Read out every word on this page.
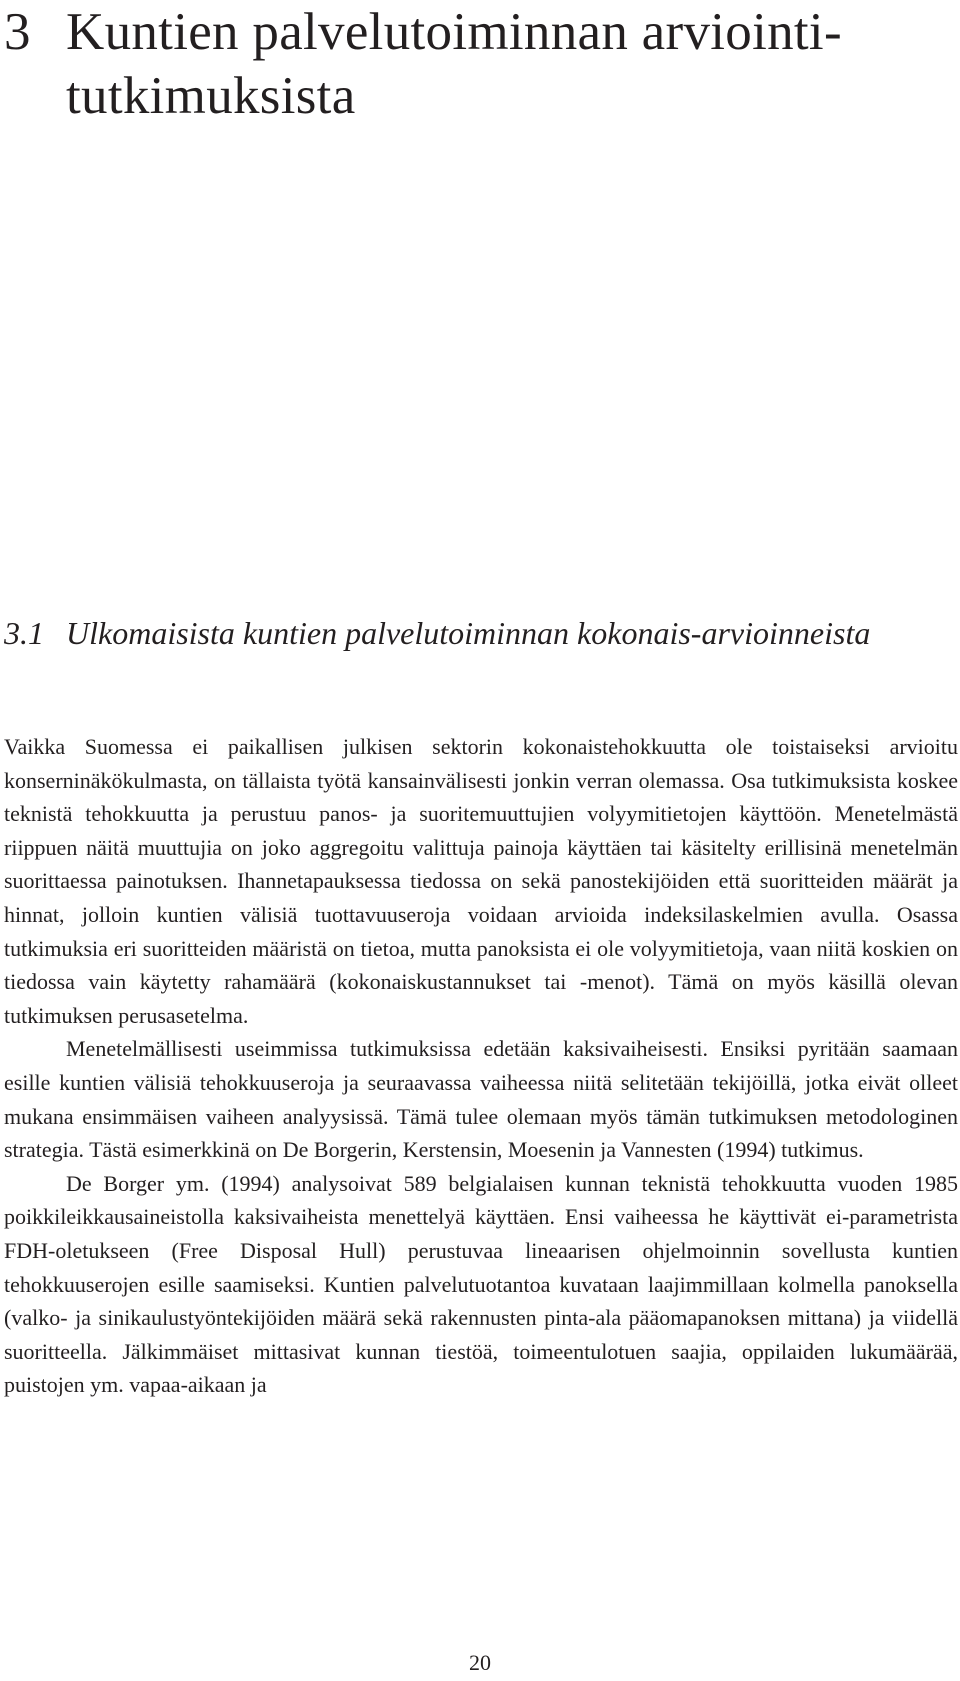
3 Kuntien palvelutoiminnan arviointi-tutkimuksista
3.1 Ulkomaisista kuntien palvelutoiminnan kokonais-arvioinneista

Vaikka Suomessa ei paikallisen julkisen sektorin kokonaistehokkuutta ole toistaiseksi arvioitu konserninäkökulmasta, on tällaista työtä kansainvälisesti jonkin verran olemassa. Osa tutkimuksista koskee teknistä tehokkuutta ja perustuu panos- ja suoritemuuttujien volyymitietojen käyttöön. Menetelmästä riippuen näitä muuttujia on joko aggregoitu valittuja painoja käyttäen tai käsitelty erillisinä menetelmän suorittaessa painotuksen. Ihannetapauksessa tiedossa on sekä panostekijöiden että suoritteiden määrät ja hinnat, jolloin kuntien välisiä tuottavuuseroja voidaan arvioida indeksilaskelmien avulla. Osassa tutkimuksia eri suoritteiden määristä on tietoa, mutta panoksista ei ole volyymitietoja, vaan niitä koskien on tiedossa vain käytetty rahamäärä (kokonaiskustannukset tai -menot). Tämä on myös käsillä olevan tutkimuksen perusasetelma.

Menetelmällisesti useimmissa tutkimuksissa edetään kaksivaiheisesti. Ensiksi pyritään saamaan esille kuntien välisiä tehokkuuseroja ja seuraavassa vaiheessa niitä selitetään tekijöillä, jotka eivät olleet mukana ensimmäisen vaiheen analyysissä. Tämä tulee olemaan myös tämän tutkimuksen metodologinen strategia. Tästä esimerkkinä on De Borgerin, Kerstensin, Moesenin ja Vannesten (1994) tutkimus.

De Borger ym. (1994) analysoivat 589 belgialaisen kunnan teknistä tehokkuutta vuoden 1985 poikkileikkausaineistolla kaksivaiheista menettelyä käyttäen. Ensi vaiheessa he käyttivät ei-parametrista FDH-oletukseen (Free Disposal Hull) perustuvaa lineaarisen ohjelmoinnin sovellusta kuntien tehokkuuserojen esille saamiseksi. Kuntien palvelutuotantoa kuvataan laajimmillaan kolmella panoksella (valko- ja sinikaulustyöntekijöiden määrä sekä rakennusten pinta-ala pääomapanoksen mittana) ja viidellä suoritteella. Jälkimmäiset mittasivat kunnan tiestöä, toimeentulotuen saajia, oppilaiden lukumäärää, puistojen ym. vapaa-aikaan ja

20
